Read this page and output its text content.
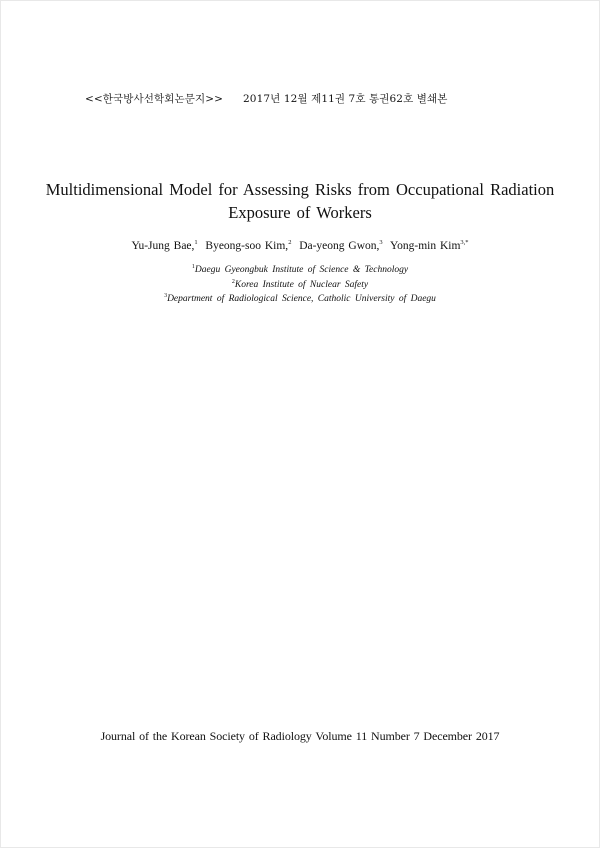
<<한국방사선학회논문지>> 2017년 12월 제11권 7호 통권62호 별쇄본
Multidimensional Model for Assessing Risks from Occupational Radiation
Exposure of Workers
Yu-Jung Bae,$^1$ Byeong-soo Kim,$^2$ Da-yeong Gwon,$^3$ Yong-min Kim$^{3,*}$
$^1$Daegu Gyeongbuk Institute of Science & Technology
$^2$Korea Institute of Nuclear Safety
$^3$Department of Radiological Science, Catholic University of Daegu
Journal of the Korean Society of Radiology Volume 11 Number 7 December 2017
